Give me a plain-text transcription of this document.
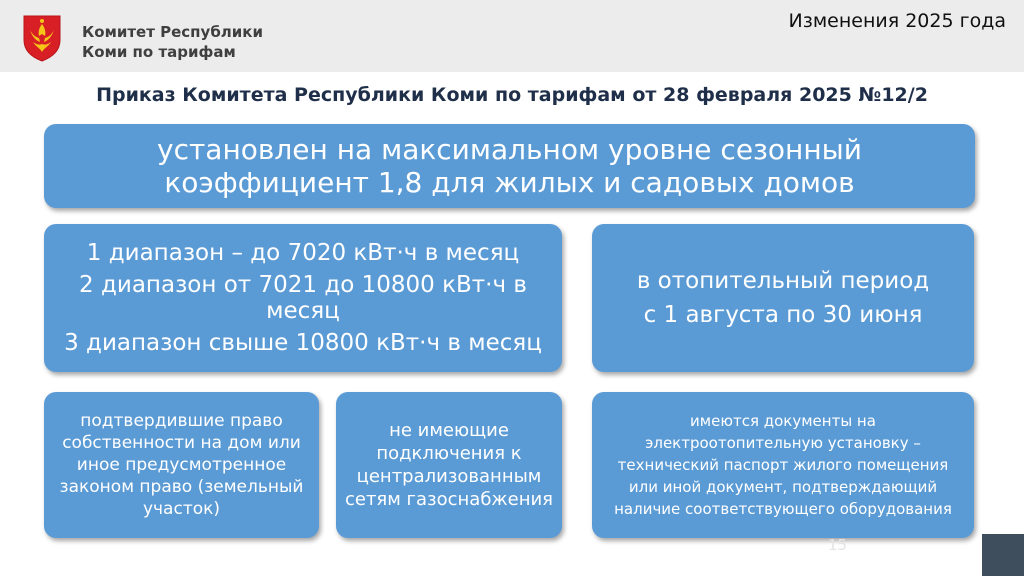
Комитет Республики
Коми по тарифам
Изменения 2025 года
Приказ Комитета Республики Коми по тарифам от 28 февраля 2025 №12/2
установлен на максимальном уровне сезонный коэффициент 1,8 для жилых и садовых домов
1 диапазон – до 7020 кВт·ч в месяц
2 диапазон от 7021 до 10800 кВт·ч в месяц
3 диапазон свыше 10800 кВт·ч в месяц
в отопительный период
с 1 августа по 30 июня
подтвердившие право собственности на дом или иное предусмотренное законом право (земельный участок)
не имеющие подключения к централизованным сетям газоснабжения
имеются документы на электроотопительную установку – технический паспорт жилого помещения или иной документ, подтверждающий наличие соответствующего оборудования
15
